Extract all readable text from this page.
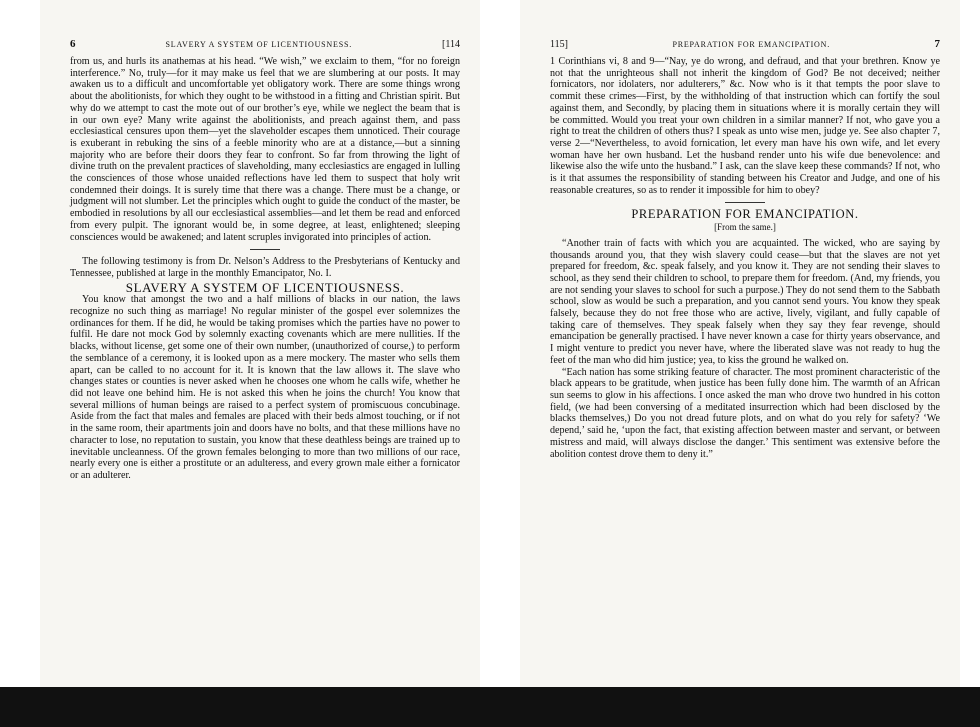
6	SLAVERY A SYSTEM OF LICENTIOUSNESS.	[114

from us, and hurls its anathemas at his head. “We wish,” we exclaim to them, “for no foreign interference.” No, truly—for it may make us feel that we are slumbering at our posts. It may awaken us to a difficult and uncomfortable yet obligatory work. There are some things wrong about the abolitionists, for which they ought to be withstood in a fitting and Christian spirit. But why do we attempt to cast the mote out of our brother’s eye, while we neglect the beam that is in our own eye? Many write against the abolitionists, and preach against them, and pass ecclesiastical censures upon them—yet the slaveholder escapes them unnoticed. Their courage is exuberant in rebuking the sins of a feeble minority who are at a distance,—but a sinning majority who are before their doors they fear to confront. So far from throwing the light of divine truth on the prevalent practices of slaveholding, many ecclesiastics are engaged in lulling the consciences of those whose unaided reflections have led them to suspect that holy writ condemned their doings. It is surely time that there was a change. There must be a change, or judgment will not slumber. Let the principles which ought to guide the conduct of the master, be embodied in resolutions by all our ecclesiastical assemblies—and let them be read and enforced from every pulpit. The ignorant would be, in some degree, at least, enlightened; sleeping consciences would be awakened; and latent scruples invigorated into principles of action.

The following testimony is from Dr. Nelson’s Address to the Presbyterians of Kentucky and Tennessee, published at large in the monthly Emancipator, No. I.

SLAVERY A SYSTEM OF LICENTIOUSNESS.

You know that amongst the two and a half millions of blacks in our nation, the laws recognize no such thing as marriage! No regular minister of the gospel ever solemnizes the ordinances for them. If he did, he would be taking promises which the parties have no power to fulfil. He dare not mock God by solemnly exacting covenants which are mere nullities. If the blacks, without license, get some one of their own number, (unauthorized of course,) to perform the semblance of a ceremony, it is looked upon as a mere mockery. The master who sells them apart, can be called to no account for it. It is known that the law allows it. The slave who changes states or counties is never asked when he chooses one whom he calls wife, whether he did not leave one behind him. He is not asked this when he joins the church! You know that several millions of human beings are raised to a perfect system of promiscuous concubinage. Aside from the fact that males and females are placed with their beds almost touching, or if not in the same room, their apartments join and doors have no bolts, and that these millions have no character to lose, no reputation to sustain, you know that these deathless beings are trained up to inevitable uncleanness. Of the grown females belonging to more than two millions of our race, nearly every one is either a prostitute or an adulteress, and every grown male either a fornicator or an adulterer.

115]	PREPARATION FOR EMANCIPATION.	7

1 Corinthians vi, 8 and 9—“Nay, ye do wrong, and defraud, and that your brethren. Know ye not that the unrighteous shall not inherit the kingdom of God? Be not deceived; neither fornicators, nor idolaters, nor adulterers,” &c. Now who is it that tempts the poor slave to commit these crimes—First, by the withholding of that instruction which can fortify the soul against them, and Secondly, by placing them in situations where it is morally certain they will be committed. Would you treat your own children in a similar manner? If not, who gave you a right to treat the children of others thus? I speak as unto wise men, judge ye. See also chapter 7, verse 2—“Nevertheless, to avoid fornication, let every man have his own wife, and let every woman have her own husband. Let the husband render unto his wife due benevolence: and likewise also the wife unto the husband.” I ask, can the slave keep these commands? If not, who is it that assumes the responsibility of standing between his Creator and Judge, and one of his reasonable creatures, so as to render it impossible for him to obey?

PREPARATION FOR EMANCIPATION.
[From the same.]

“Another train of facts with which you are acquainted. The wicked, who are saying by thousands around you, that they wish slavery could cease—but that the slaves are not yet prepared for freedom, &c. speak falsely, and you know it. They are not sending their slaves to school, as they send their children to school, to prepare them for freedom. (And, my friends, you are not sending your slaves to school for such a purpose.) They do not send them to the Sabbath school, slow as would be such a preparation, and you cannot send yours. You know they speak falsely, because they do not free those who are active, lively, vigilant, and fully capable of taking care of themselves. They speak falsely when they say they fear revenge, should emancipation be generally practised. I have never known a case for thirty years observance, and I might venture to predict you never have, where the liberated slave was not ready to hug the feet of the man who did him justice; yea, to kiss the ground he walked on.

“Each nation has some striking feature of character. The most prominent characteristic of the black appears to be gratitude, when justice has been fully done him. The warmth of an African sun seems to glow in his affections. I once asked the man who drove two hundred in his cotton field, (we had been conversing of a meditated insurrection which had been disclosed by the blacks themselves,) Do you not dread future plots, and on what do you rely for safety? ‘We depend,’ said he, ‘upon the fact, that existing affection between master and servant, or between mistress and maid, will always disclose the danger.’ This sentiment was extensive before the abolition contest drove them to deny it.”
